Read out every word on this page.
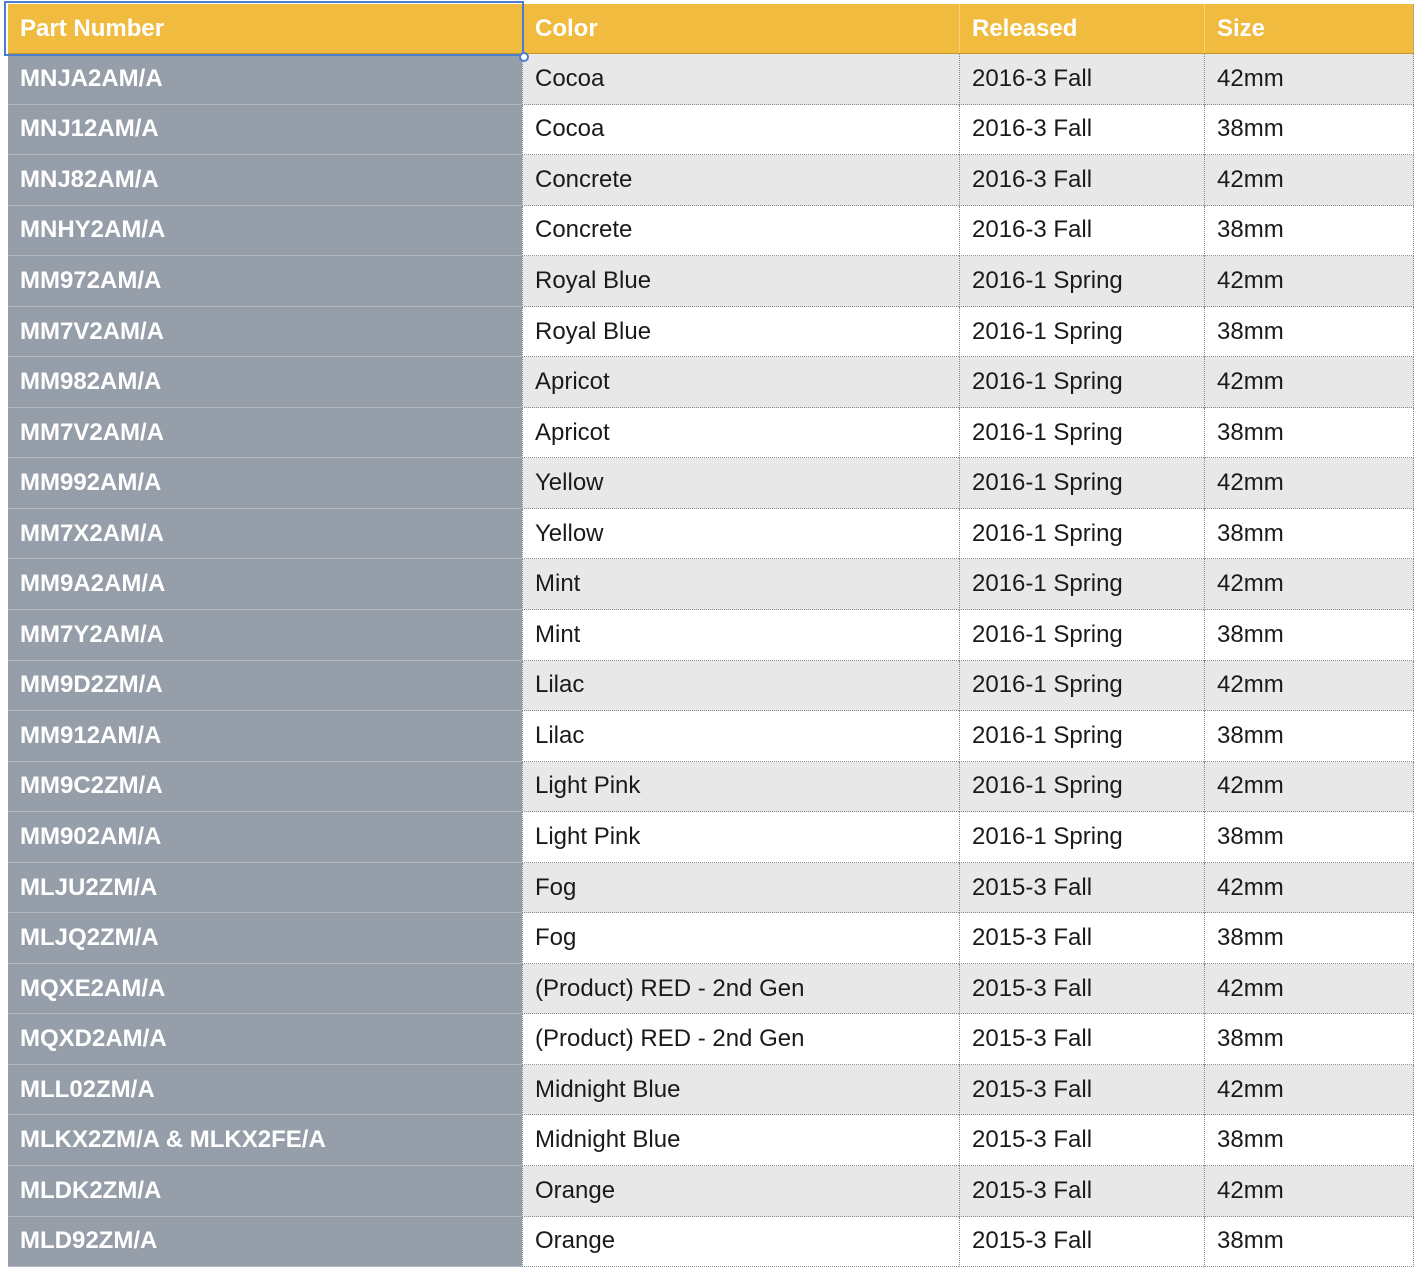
Part Number	Color	Released	Size
MNJA2AM/A	Cocoa	2016-3 Fall	42mm
MNJ12AM/A	Cocoa	2016-3 Fall	38mm
MNJ82AM/A	Concrete	2016-3 Fall	42mm
MNHY2AM/A	Concrete	2016-3 Fall	38mm
MM972AM/A	Royal Blue	2016-1 Spring	42mm
MM7V2AM/A	Royal Blue	2016-1 Spring	38mm
MM982AM/A	Apricot	2016-1 Spring	42mm
MM7V2AM/A	Apricot	2016-1 Spring	38mm
MM992AM/A	Yellow	2016-1 Spring	42mm
MM7X2AM/A	Yellow	2016-1 Spring	38mm
MM9A2AM/A	Mint	2016-1 Spring	42mm
MM7Y2AM/A	Mint	2016-1 Spring	38mm
MM9D2ZM/A	Lilac	2016-1 Spring	42mm
MM912AM/A	Lilac	2016-1 Spring	38mm
MM9C2ZM/A	Light Pink	2016-1 Spring	42mm
MM902AM/A	Light Pink	2016-1 Spring	38mm
MLJU2ZM/A	Fog	2015-3 Fall	42mm
MLJQ2ZM/A	Fog	2015-3 Fall	38mm
MQXE2AM/A	(Product) RED - 2nd Gen	2015-3 Fall	42mm
MQXD2AM/A	(Product) RED - 2nd Gen	2015-3 Fall	38mm
MLL02ZM/A	Midnight Blue	2015-3 Fall	42mm
MLKX2ZM/A & MLKX2FE/A	Midnight Blue	2015-3 Fall	38mm
MLDK2ZM/A	Orange	2015-3 Fall	42mm
MLD92ZM/A	Orange	2015-3 Fall	38mm
